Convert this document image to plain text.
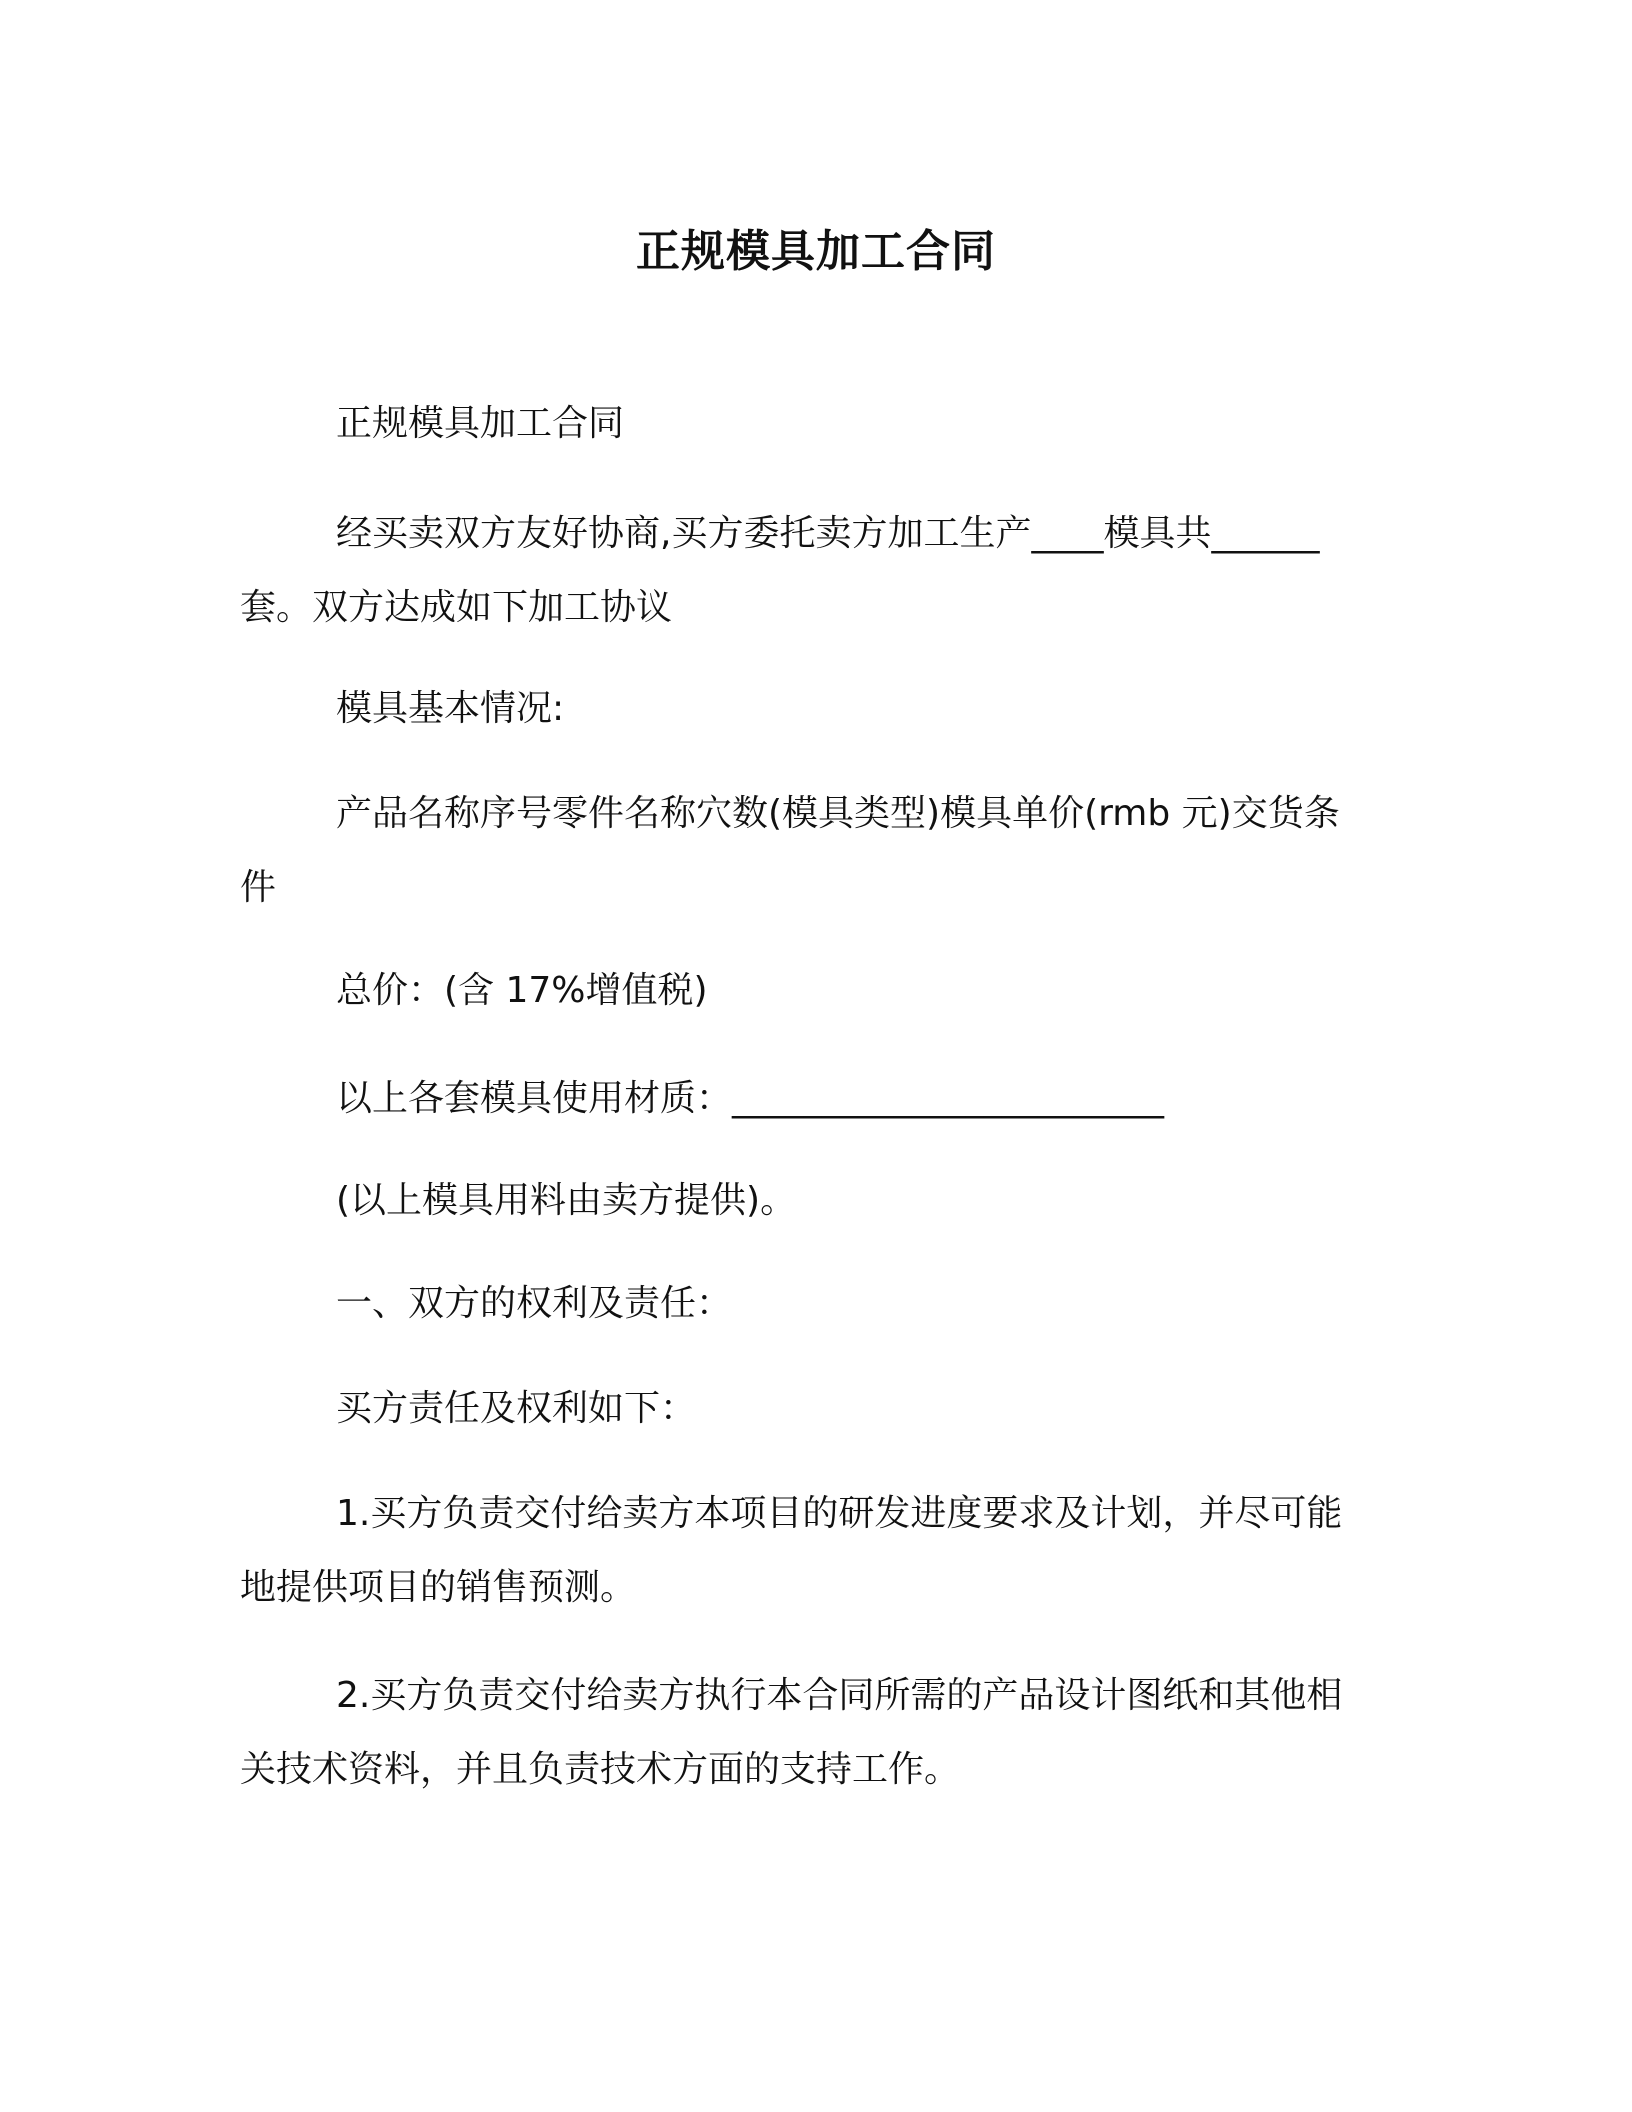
正规模具加工合同

正规模具加工合同

经买卖双方友好协商,买方委托卖方加工生产____模具共______套。双方达成如下加工协议

模具基本情况:

产品名称序号零件名称穴数(模具类型)模具单价(rmb 元)交货条件

总价：(含 17%增值税)

以上各套模具使用材质：________________________

(以上模具用料由卖方提供)。

一、双方的权利及责任：

买方责任及权利如下：

1.买方负责交付给卖方本项目的研发进度要求及计划，并尽可能地提供项目的销售预测。

2.买方负责交付给卖方执行本合同所需的产品设计图纸和其他相关技术资料，并且负责技术方面的支持工作。
